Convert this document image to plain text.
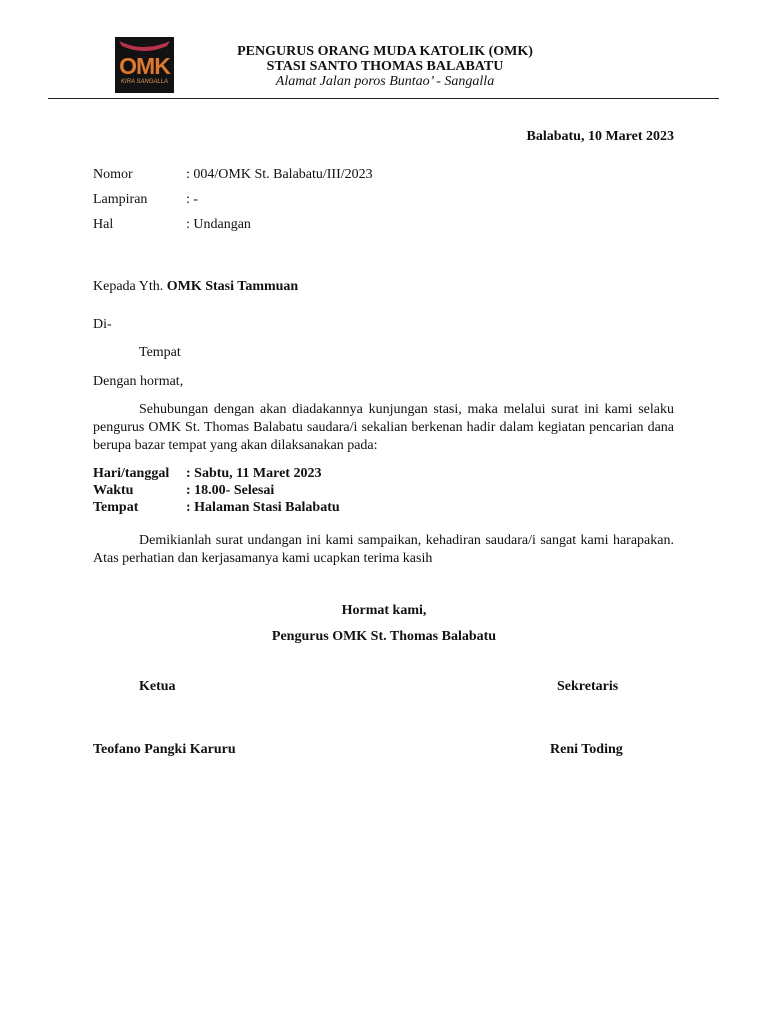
OMK
KIRA SANGALLA
PENGURUS ORANG MUDA KATOLIK (OMK)
STASI SANTO THOMAS BALABATU
Alamat Jalan poros Buntao’ - Sangalla
Balabatu, 10 Maret 2023
Nomor	: 004/OMK St. Balabatu/III/2023
Lampiran	: -
Hal	: Undangan
Kepada Yth. OMK Stasi Tammuan
Di-
Tempat
Dengan hormat,
Sehubungan dengan akan diadakannya kunjungan stasi, maka melalui surat ini kami selaku pengurus OMK St. Thomas Balabatu saudara/i sekalian berkenan hadir dalam kegiatan pencarian dana berupa bazar tempat yang akan dilaksanakan pada:
Hari/tanggal : Sabtu, 11 Maret 2023
Waktu	: 18.00- Selesai
Tempat	: Halaman Stasi Balabatu
Demikianlah surat undangan ini kami sampaikan, kehadiran saudara/i sangat kami harapakan. Atas perhatian dan kerjasamanya kami ucapkan terima kasih
Hormat kami,
Pengurus OMK St. Thomas Balabatu
Ketua	Sekretaris
Teofano Pangki Karuru	Reni Toding
